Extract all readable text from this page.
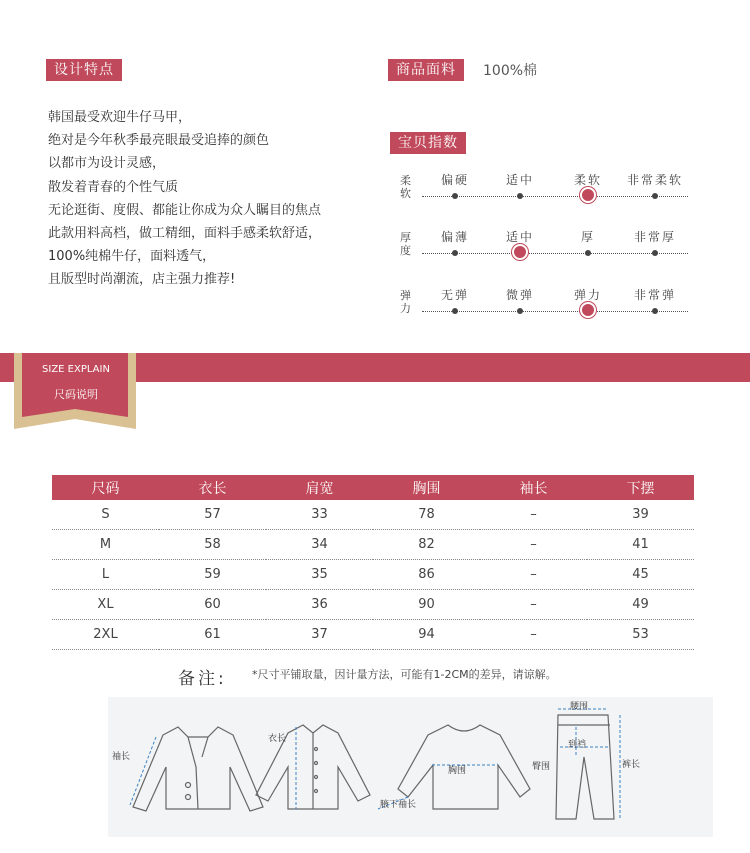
设计特点
韩国最受欢迎牛仔马甲，
绝对是今年秋季最亮眼最受追捧的颜色
以都市为设计灵感，
散发着青春的个性气质
无论逛街、度假、都能让你成为众人瞩目的焦点
此款用料高档，做工精细，面料手感柔软舒适，
100%纯棉牛仔，面料透气，
且版型时尚潮流，店主强力推荐!
商品面料	100%棉
宝贝指数
柔软
偏硬	适中	柔软	非常柔软
厚度
偏薄	适中	厚	非常厚
弹力
无弹	微弹	弹力	非常弹
SIZE EXPLAIN
尺码说明
尺码	衣长	肩宽	胸围	袖长	下摆
S	57	33	78	–	39
M	58	34	82	–	41
L	59	35	86	–	45
XL	60	36	90	–	49
2XL	61	37	94	–	53
备注: *尺寸平铺取量，因计量方法，可能有1-2CM的差异，请谅解。
袖长
衣长
胸围
腋下袖长
腰围
到裆
臀围	裤长
